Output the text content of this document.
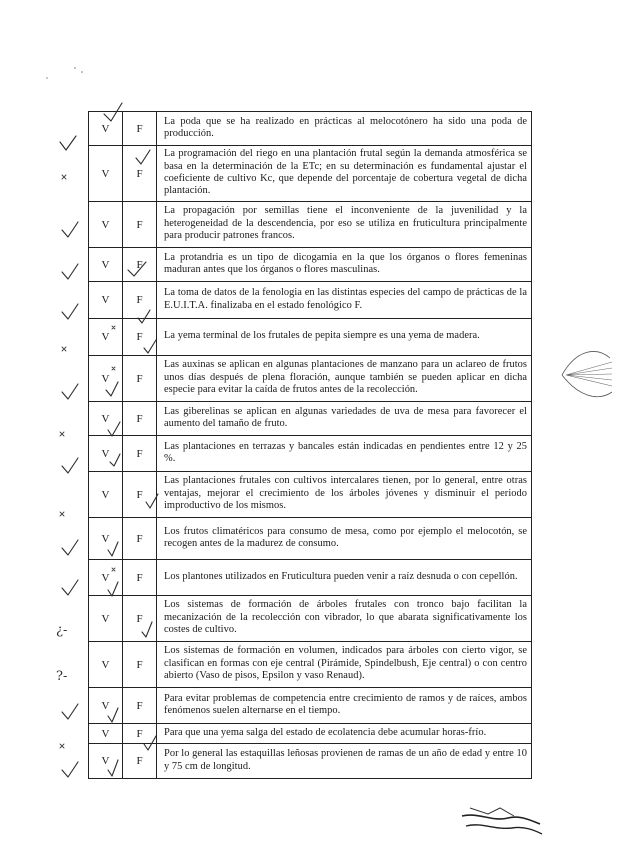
V	F	La poda que se ha realizado en prácticas al melocotónero ha sido una poda de producción.
V	F	La programación del riego en una plantación frutal según la demanda atmosférica se basa en la determinación de la ETc; en su determinación es fundamental ajustar el coeficiente de cultivo Kc, que depende del porcentaje de cobertura vegetal de dicha plantación.
V	F	La propagación por semillas tiene el inconveniente de la juvenilidad y la heterogeneidad de la descendencia, por eso se utiliza en fruticultura principalmente para producir patrones francos.
V	F	La protandria es un tipo de dicogamia en la que los órganos o flores femeninas maduran antes que los órganos o flores masculinas.
V	F	La toma de datos de la fenologia en las distintas especies del campo de prácticas de la E.U.I.T.A. finalizaba en el estado fenológico F.
V	F	La yema terminal de los frutales de pepita siempre es una yema de madera.
V	F	Las auxinas se aplican en algunas plantaciones de manzano para un aclareo de frutos unos días después de plena floración, aunque también se pueden aplicar en dicha especie para evitar la caída de frutos antes de la recolección.
V	F	Las giberelinas se aplican en algunas variedades de uva de mesa para favorecer el aumento del tamaño de fruto.
V	F	Las plantaciones en terrazas y bancales están indicadas en pendientes entre 12 y 25 %.
V	F	Las plantaciones frutales con cultivos intercalares tienen, por lo general, entre otras ventajas, mejorar el crecimiento de los árboles jóvenes y disminuir el periodo improductivo de los mismos.
V	F	Los frutos climatéricos para consumo de mesa, como por ejemplo el melocotón, se recogen antes de la madurez de consumo.
V	F	Los plantones utilizados en Fruticultura pueden venir a raíz desnuda o con cepellón.
V	F	Los sistemas de formación de árboles frutales con tronco bajo facilitan la mecanización de la recolección con vibrador, lo que abarata significativamente los costes de cultivo.
V	F	Los sistemas de formación en volumen, indicados para árboles con cierto vigor, se clasifican en formas con eje central (Pirámide, Spindelbush, Eje central) o con centro abierto (Vaso de pisos, Epsilon y vaso Renaud).
V	F	Para evitar problemas de competencia entre crecimiento de ramos y de raíces, ambos fenómenos suelen alternarse en el tiempo.
V	F	Para que una yema salga del estado de ecolatencia debe acumular horas-frío.
V	F	Por lo general las estaquillas leñosas provienen de ramas de un año de edad y entre 10 y 75 cm de longitud.
¿-
?-
